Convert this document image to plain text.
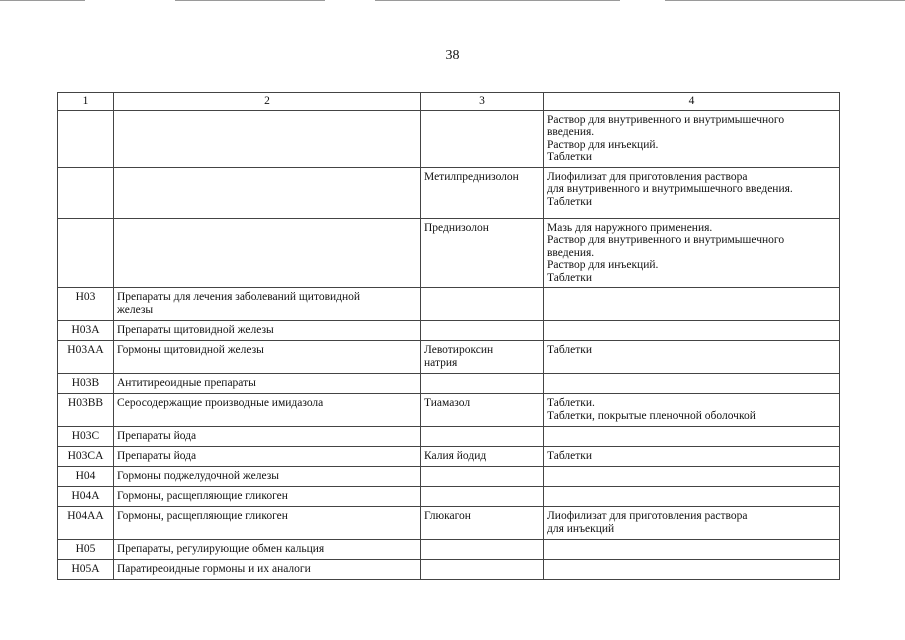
38
1	2	3	4
			Раствор для внутривенного и внутримышечного
введения.
Раствор для инъекций.
Таблетки
		Метилпреднизолон	Лиофилизат для приготовления раствора
для внутривенного и внутримышечного введения.
Таблетки
		Преднизолон	Мазь для наружного применения.
Раствор для внутривенного и внутримышечного
введения.
Раствор для инъекций.
Таблетки
H03	Препараты для лечения заболеваний щитовидной
железы		
H03A	Препараты щитовидной железы		
H03AA	Гормоны щитовидной железы	Левотироксин
натрия	Таблетки
H03B	Антитиреоидные препараты		
H03BB	Серосодержащие производные имидазола	Тиамазол	Таблетки.
Таблетки, покрытые пленочной оболочкой
H03C	Препараты йода		
H03CA	Препараты йода	Калия йодид	Таблетки
H04	Гормоны поджелудочной железы		
H04A	Гормоны, расщепляющие гликоген		
H04AA	Гормоны, расщепляющие гликоген	Глюкагон	Лиофилизат для приготовления раствора
для инъекций
H05	Препараты, регулирующие обмен кальция		
H05A	Паратиреоидные гормоны и их аналоги		
